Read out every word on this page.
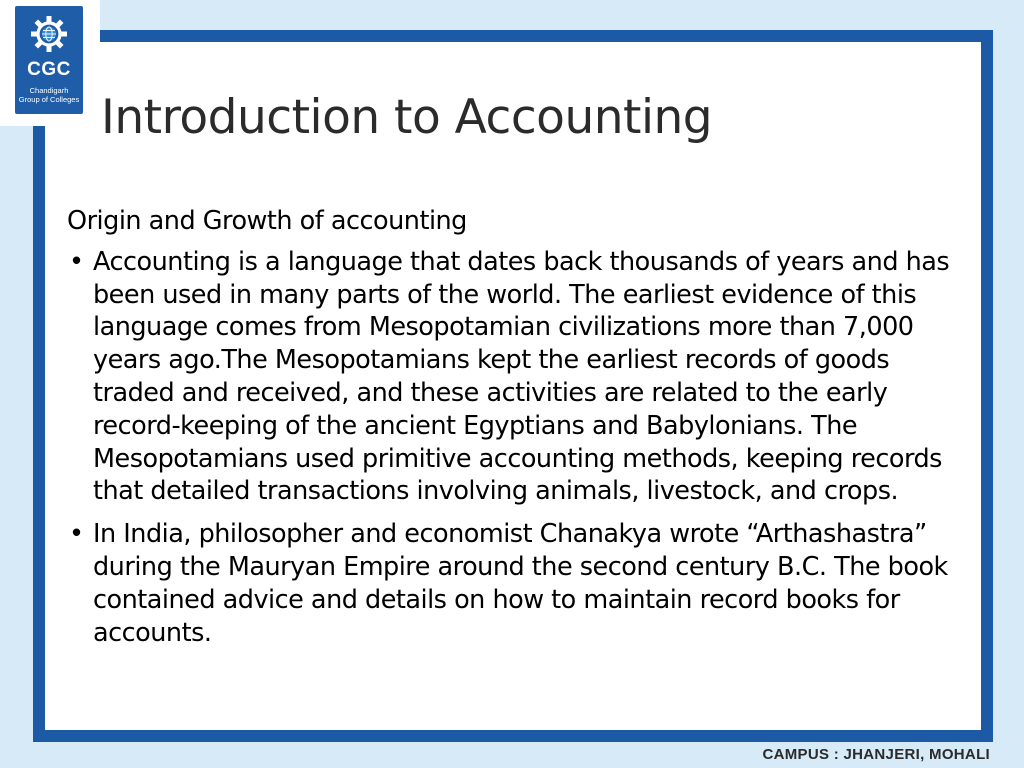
CGC
Chandigarh
Group of Colleges Introduction to Accounting

Origin and Growth of accounting

• Accounting is a language that dates back thousands of years and has been used in many parts of the world. The earliest evidence of this language comes from Mesopotamian civilizations more than 7,000 years ago.The Mesopotamians kept the earliest records of goods traded and received, and these activities are related to the early record-keeping of the ancient Egyptians and Babylonians. The Mesopotamians used primitive accounting methods, keeping records that detailed transactions involving animals, livestock, and crops.
• In India, philosopher and economist Chanakya wrote “Arthashastra” during the Mauryan Empire around the second century B.C. The book contained advice and details on how to maintain record books for accounts.
CAMPUS : JHANJERI, MOHALI
